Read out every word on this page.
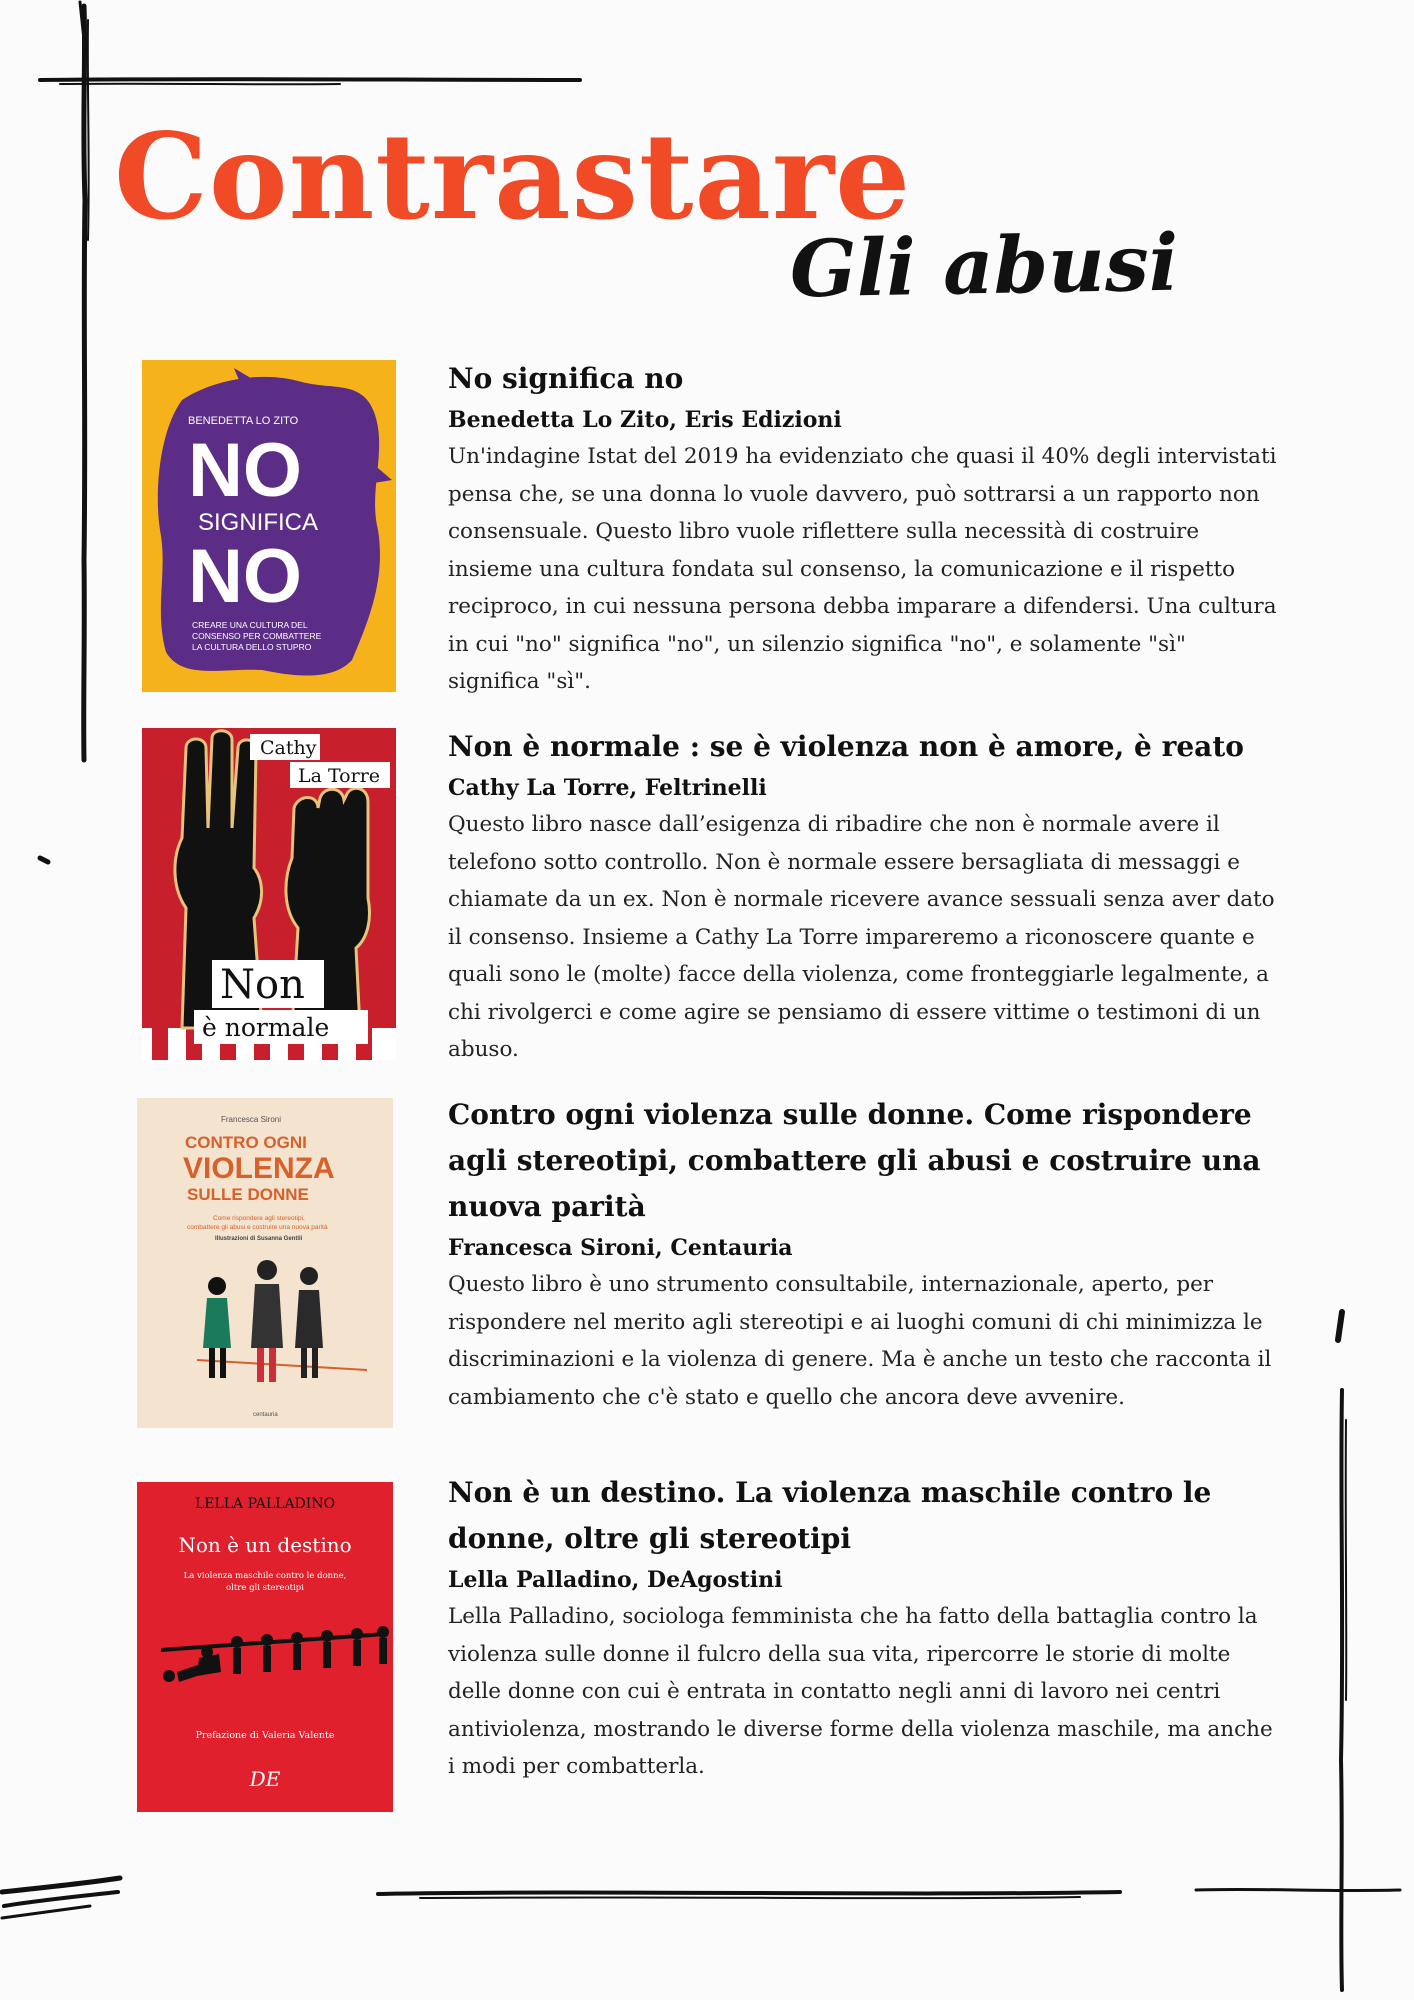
Contrastare
Gli abusi
BENEDETTA LO ZITO
NO
SIGNIFICA
NO
CREARE UNA CULTURA DEL
CONSENSO PER COMBATTERE
LA CULTURA DELLO STUPRO

No significa no

Benedetta Lo Zito, Eris Edizioni

Un'indagine Istat del 2019 ha evidenziato che quasi il 40% degli intervistati pensa che, se una donna lo vuole davvero, può sottrarsi a un rapporto non consensuale. Questo libro vuole riflettere sulla necessità di costruire insieme una cultura fondata sul consenso, la comunicazione e il rispetto reciproco, in cui nessuna persona debba imparare a difendersi. Una cultura in cui "no" significa "no", un silenzio significa "no", e solamente "sì" significa "sì".

Cathy
La Torre
Non
è normale

Non è normale : se è violenza non è amore, è reato

Cathy La Torre, Feltrinelli

Questo libro nasce dall’esigenza di ribadire che non è normale avere il telefono sotto controllo. Non è normale essere bersagliata di messaggi e chiamate da un ex. Non è normale ricevere avance sessuali senza aver dato il consenso. Insieme a Cathy La Torre impareremo a riconoscere quante e quali sono le (molte) facce della violenza, come fronteggiarle legalmente, a chi rivolgerci e come agire se pensiamo di essere vittime o testimoni di un abuso.

Francesca Sironi
CONTRO OGNI
VIOLENZA
SULLE DONNE
Come rispondere agli stereotipi,
combattere gli abusi e costruire una nuova parità
Illustrazioni di Susanna Gentili
centauria

Contro ogni violenza sulle donne. Come rispondere agli stereotipi, combattere gli abusi e costruire una nuova parità

Francesca Sironi, Centauria

Questo libro è uno strumento consultabile, internazionale, aperto, per rispondere nel merito agli stereotipi e ai luoghi comuni di chi minimizza le discriminazioni e la violenza di genere. Ma è anche un testo che racconta il cambiamento che c'è stato e quello che ancora deve avvenire.

LELLA PALLADINO
Non è un destino
La violenza maschile contro le donne,
oltre gli stereotipi
Prefazione di Valeria Valente
DE

Non è un destino. La violenza maschile contro le donne, oltre gli stereotipi

Lella Palladino, DeAgostini

Lella Palladino, sociologa femminista che ha fatto della battaglia contro la violenza sulle donne il fulcro della sua vita, ripercorre le storie di molte delle donne con cui è entrata in contatto negli anni di lavoro nei centri antiviolenza, mostrando le diverse forme della violenza maschile, ma anche i modi per combatterla.
